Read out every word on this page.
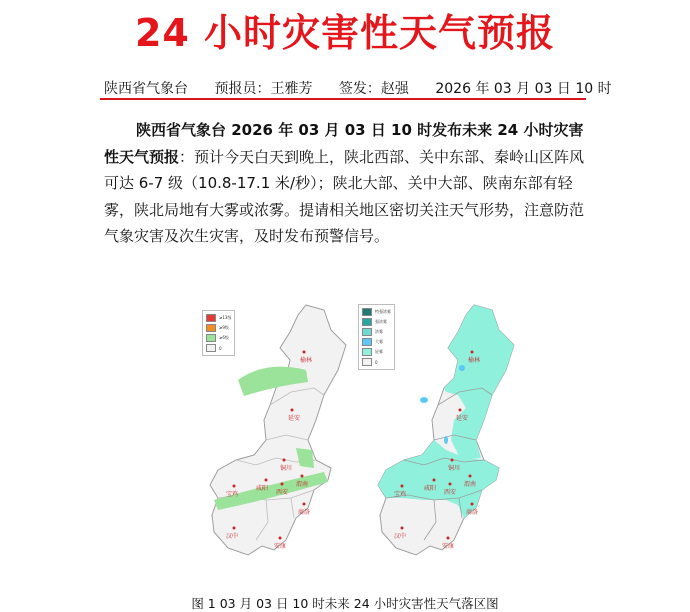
24 小时灾害性天气预报
陕西省气象台 预报员：王雅芳 签发：赵强 2026 年 03 月 03 日 10 时
陕西省气象台 2026 年 03 月 03 日 10 时发布未来 24 小时灾害性天气预报：预计今天白天到晚上，陕北西部、关中东部、秦岭山区阵风可达 6-7 级（10.8-17.1 米/秒）；陕北大部、关中大部、陕南东部有轻雾，陕北局地有大雾或浓雾。提请相关地区密切关注天气形势，注意防范气象灾害及次生灾害，及时发布预警信号。
榆林
延安
铜川
咸阳
西安
渭南
宝鸡
商洛
汉中
安康
榆林
延安
铜川
咸阳
西安
渭南
宝鸡
商洛
汉中
安康
≥13级
≥9级
≥6级
0
特强浓雾
强浓雾
浓雾
大雾
轻雾
0
图 1 03 月 03 日 10 时未来 24 小时灾害性天气落区图
